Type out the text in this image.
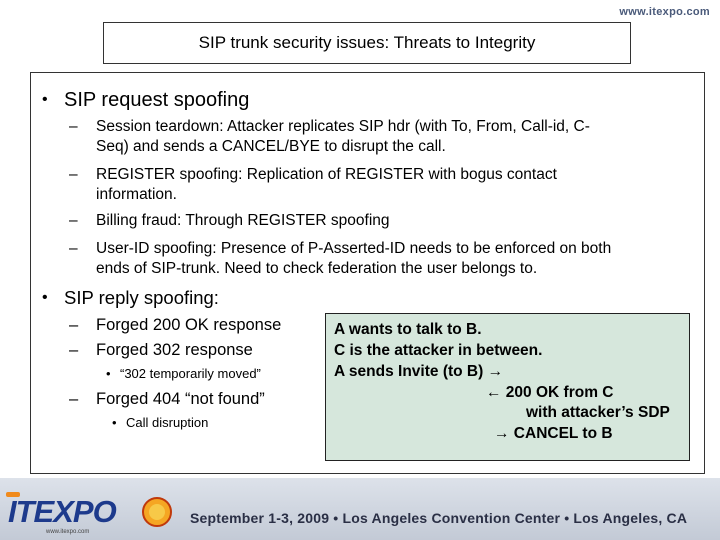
www.itexpo.com
SIP trunk security issues: Threats to Integrity
• SIP request spoofing
– Session teardown: Attacker replicates SIP hdr (with To, From, Call-id, C-
Seq) and sends a CANCEL/BYE to disrupt the call.
– REGISTER spoofing: Replication of REGISTER with bogus contact
information.
– Billing fraud: Through REGISTER spoofing
– User-ID spoofing: Presence of P-Asserted-ID needs to be enforced on both
ends of SIP-trunk. Need to check federation the user belongs to.
• SIP reply spoofing:
– Forged 200 OK response
– Forged 302 response
• “302 temporarily moved”
– Forged 404 “not found”
• Call disruption
A wants to talk to B.
C is the attacker in between.
A sends Invite (to B) →
← 200 OK from C
with attacker’s SDP
→ CANCEL to B
ITEXPO
www.itexpo.com
September 1-3, 2009 • Los Angeles Convention Center • Los Angeles, CA
